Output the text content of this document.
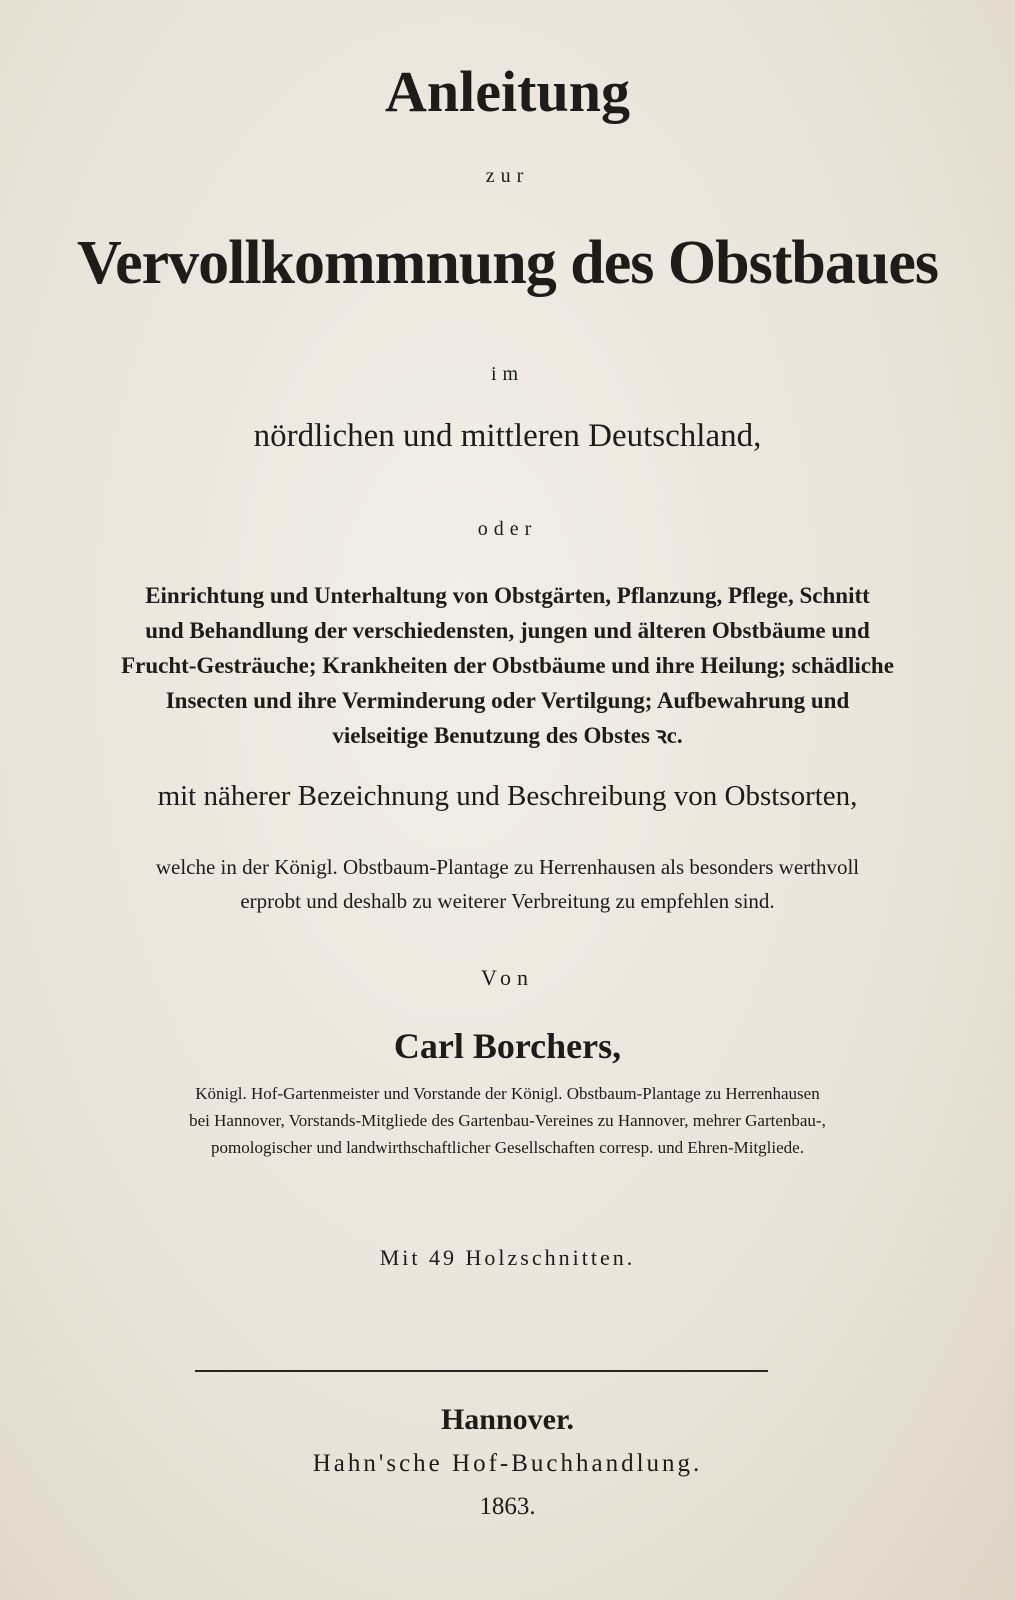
Anleitung
zur
Vervollkommnung des Obstbaues
im
nördlichen und mittleren Deutschland,
oder
Einrichtung und Unterhaltung von Obstgärten, Pflanzung, Pflege, Schnitt
und Behandlung der verschiedensten, jungen und älteren Obstbäume und
Frucht-Gesträuche; Krankheiten der Obstbäume und ihre Heilung; schädliche
Insecten und ihre Verminderung oder Vertilgung; Aufbewahrung und
vielseitige Benutzung des Obstes ꝛc.
mit näherer Bezeichnung und Beschreibung von Obstsorten,
welche in der Königl. Obstbaum-Plantage zu Herrenhausen als besonders werthvoll
erprobt und deshalb zu weiterer Verbreitung zu empfehlen sind.
Von
Carl Borchers,
Königl. Hof-Gartenmeister und Vorstande der Königl. Obstbaum-Plantage zu Herrenhausen
bei Hannover, Vorstands-Mitgliede des Gartenbau-Vereines zu Hannover, mehrer Gartenbau-,
pomologischer und landwirthschaftlicher Gesellschaften corresp. und Ehren-Mitgliede.
Mit 49 Holzschnitten.
Hannover.
Hahn'sche Hof-Buchhandlung.
1863.
